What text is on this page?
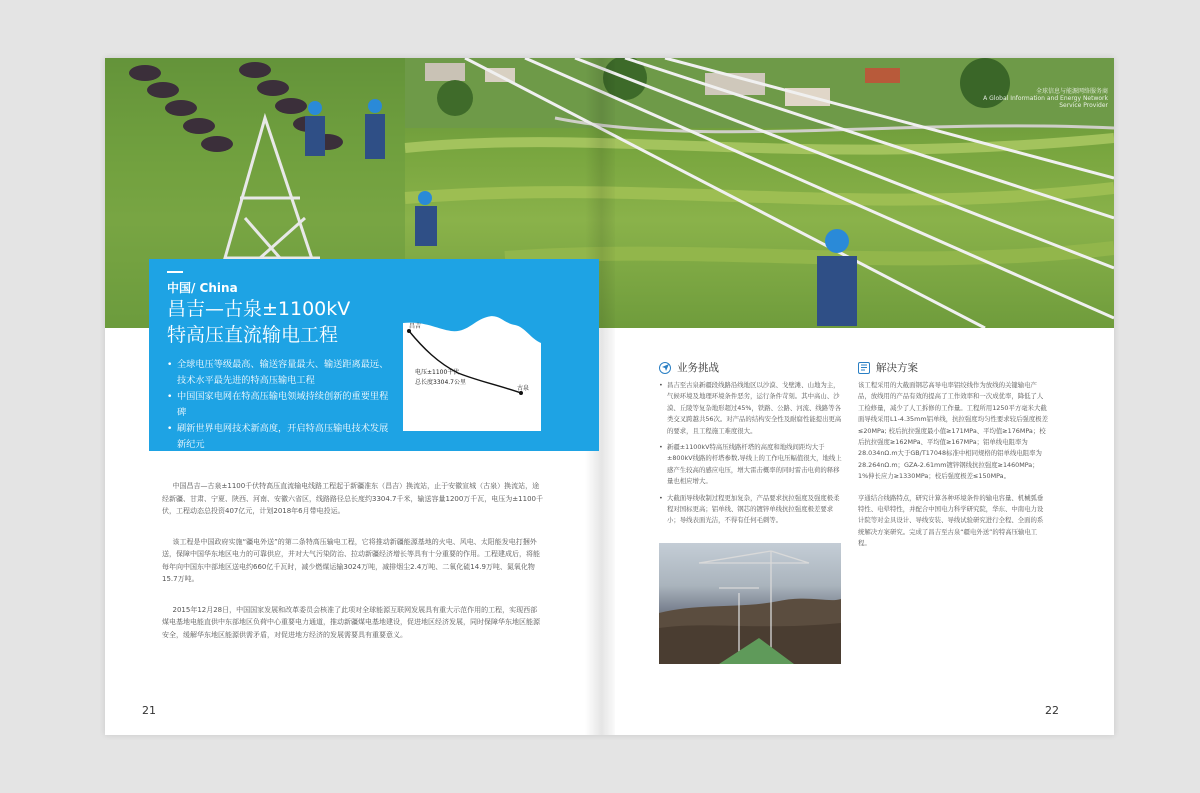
全球信息与能源网络服务商
A Global Information and Energy Network
Service Provider
中国/ China
昌吉—古泉±1100kV
特高压直流输电工程
• 全球电压等级最高、输送容量最大、输送距离最远、技术水平最先进的特高压输电工程
• 中国国家电网在特高压输电领域持续创新的重要里程碑
• 刷新世界电网技术新高度，开启特高压输电技术发展新纪元
昌吉
古泉
电压±1100千伏
总长度3304.7公里

中国昌吉—古泉±1100千伏特高压直流输电线路工程起于新疆准东（昌吉）换流站，止于安徽宣城（古泉）换流站，途经新疆、甘肃、宁夏、陕西、河南、安徽六省区，线路路径总长度约3304.7千米，输送容量1200万千瓦，电压为±1100千伏，工程动态总投资407亿元，计划2018年6月带电投运。

该工程是中国政府实施“疆电外送”的第二条特高压输电工程，它将推动新疆能源基地的火电、风电、太阳能发电打捆外送，保障中国华东地区电力的可靠供应，并对大气污染防治、拉动新疆经济增长等具有十分重要的作用。工程建成后，将能每年向中国东中部地区送电约660亿千瓦时，减少燃煤运输3024万吨，减排烟尘2.4万吨、二氧化硫14.9万吨、氮氧化物15.7万吨。

2015年12月28日，中国国家发展和改革委员会核准了此项对全球能源互联网发展具有重大示范作用的工程，实现西部煤电基地电能直供中东部地区负荷中心重要电力通道，推动新疆煤电基地建设，促进地区经济发展，同时保障华东地区能源安全，缓解华东地区能源供需矛盾，对促进地方经济的发展需要具有重要意义。

21	22
业务挑战
• 昌吉至古泉新疆段线路沿线地区以沙漠、戈壁滩、山地为主，气候环境及地理环境条件恶劣，运行条件苛刻。其中高山、沙漠、丘陵等复杂地形超过45%，铁路、公路、河流、线路等各类交叉跨越共56次。对产品的结构安全性及耐腐性能提出更高的要求，且工程施工难度很大。
• 新疆±1100kV特高压线路杆塔的高度和地线间距均大于±800kV线路的杆塔参数,导线上的工作电压幅值很大，地线上感产生较高的感应电压，增大雷击概率的同时雷击电荷的释移量也相应增大。
• 大截面导线收制过程更加复杂，产品要求抗拉强度及强度极柔程对国标更高；铝单线、钢芯的镀锌单线抗拉强度极差要求小；导线表面光洁，不得有任何毛刺等。
解决方案

该工程采用的大截面钢芯高导电率铝绞线作为放线的关键输电产品，放线用的产品有效的提高了工作效率和一次成优率，降低了人工检修量，减少了人工拆修的工作量。工程所用1250平方毫米大截面导线采用L1-4.35mm铝单线，抗拉强度均匀性要求较后强度极差≤20MPa; 校后抗拉强度最小值≥171MPa、平均值≥176MPa；校后抗拉强度≥162MPa、平均值≥167MPa；铝单线电阻率为28.034nΩ.m大于GB/T17048标准中相同规格的铝单线电阻率为28.264nΩ.m；GZA-2.61mm镀锌钢线抗拉强度≥1460MPa；1%伸长应力≥1330MPa；校后强度极差≤150MPa。

亨通结合线路特点，研究计算各种环境条件的输电容量、机械弧垂特性、电晕特性，并配合中国电力科学研究院，华东、中南电力设计院等对金具设计、导线安装、导线试验研究进行全程、全面的系统解决方案研究。完成了昌吉至古泉“疆电外送”的特高压输电工程。
